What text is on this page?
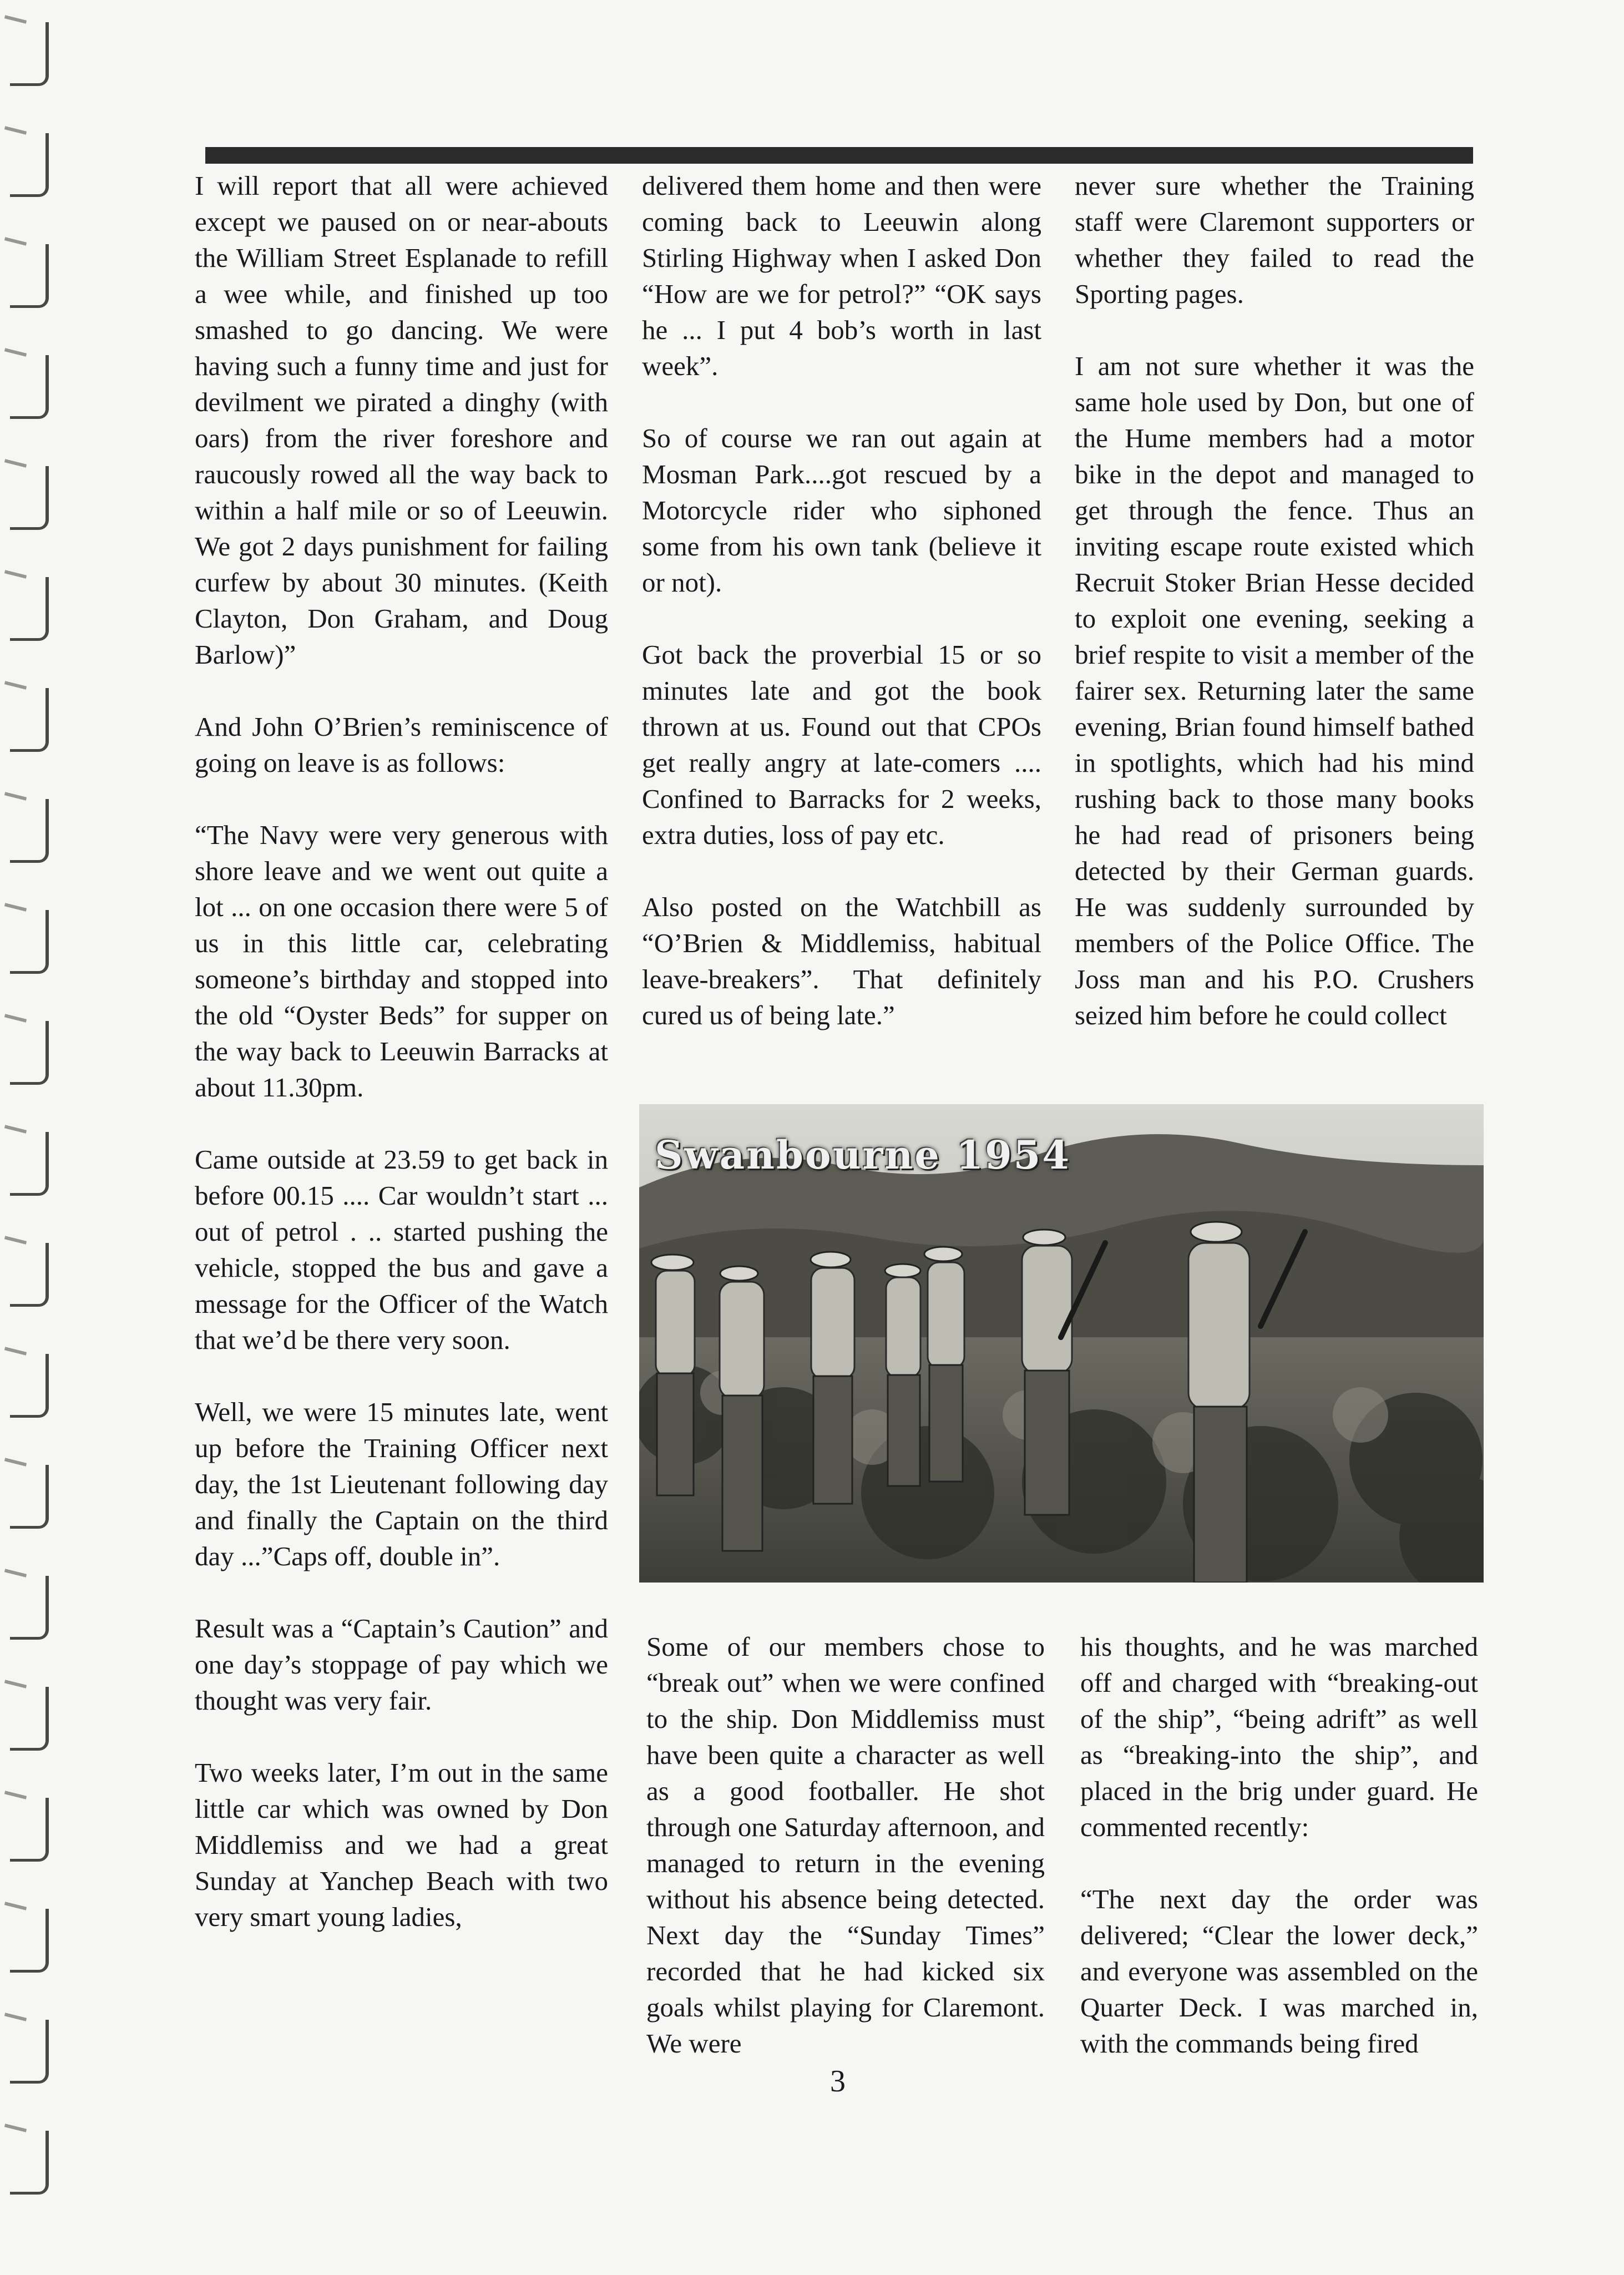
I will report that all were achieved except we paused on or near-abouts the William Street Esplanade to refill a wee while, and finished up too smashed to go dancing. We were having such a funny time and just for devilment we pirated a dinghy (with oars) from the river foreshore and raucously rowed all the way back to within a half mile or so of Leeuwin. We got 2 days punishment for failing curfew by about 30 minutes. (Keith Clayton, Don Graham, and Doug Barlow)”

And John O’Brien’s reminiscence of going on leave is as follows:

“The Navy were very generous with shore leave and we went out quite a lot ... on one occasion there were 5 of us in this little car, celebrating someone’s birthday and stopped into the old “Oyster Beds” for supper on the way back to Leeuwin Barracks at about 11.30pm.

Came outside at 23.59 to get back in before 00.15 .... Car wouldn’t start ... out of petrol . .. started pushing the vehicle, stopped the bus and gave a message for the Officer of the Watch that we’d be there very soon.

Well, we were 15 minutes late, went up before the Training Officer next day, the 1st Lieutenant following day and finally the Captain on the third day ...”Caps off, double in”.

Result was a “Captain’s Caution” and one day’s stoppage of pay which we thought was very fair.

Two weeks later, I’m out in the same little car which was owned by Don Middlemiss and we had a great Sunday at Yanchep Beach with two very smart young ladies,

delivered them home and then were coming back to Leeuwin along Stirling Highway when I asked Don “How are we for petrol?” “OK says he ... I put 4 bob’s worth in last week”.

So of course we ran out again at Mosman Park....got rescued by a Motorcycle rider who siphoned some from his own tank (believe it or not).

Got back the proverbial 15 or so minutes late and got the book thrown at us. Found out that CPOs get really angry at late-comers .... Confined to Barracks for 2 weeks, extra duties, loss of pay etc.

Also posted on the Watchbill as “O’Brien & Middlemiss, habitual leave-breakers”. That definitely cured us of being late.”

never sure whether the Training staff were Claremont supporters or whether they failed to read the Sporting pages.

I am not sure whether it was the same hole used by Don, but one of the Hume members had a motor bike in the depot and managed to get through the fence. Thus an inviting escape route existed which Recruit Stoker Brian Hesse decided to exploit one evening, seeking a brief respite to visit a member of the fairer sex. Returning later the same evening, Brian found himself bathed in spotlights, which had his mind rushing back to those many books he had read of prisoners being detected by their German guards. He was suddenly surrounded by members of the Police Office. The Joss man and his P.O. Crushers seized him before he could collect

Swanbourne 1954

Some of our members chose to “break out” when we were confined to the ship. Don Middlemiss must have been quite a character as well as a good footballer. He shot through one Saturday afternoon, and managed to return in the evening without his absence being detected. Next day the “Sunday Times” recorded that he had kicked six goals whilst playing for Claremont. We were

his thoughts, and he was marched off and charged with “breaking-out of the ship”, “being adrift” as well as “breaking-into the ship”, and placed in the brig under guard. He commented recently:

“The next day the order was delivered; “Clear the lower deck,” and everyone was assembled on the Quarter Deck. I was marched in, with the commands being fired

3
